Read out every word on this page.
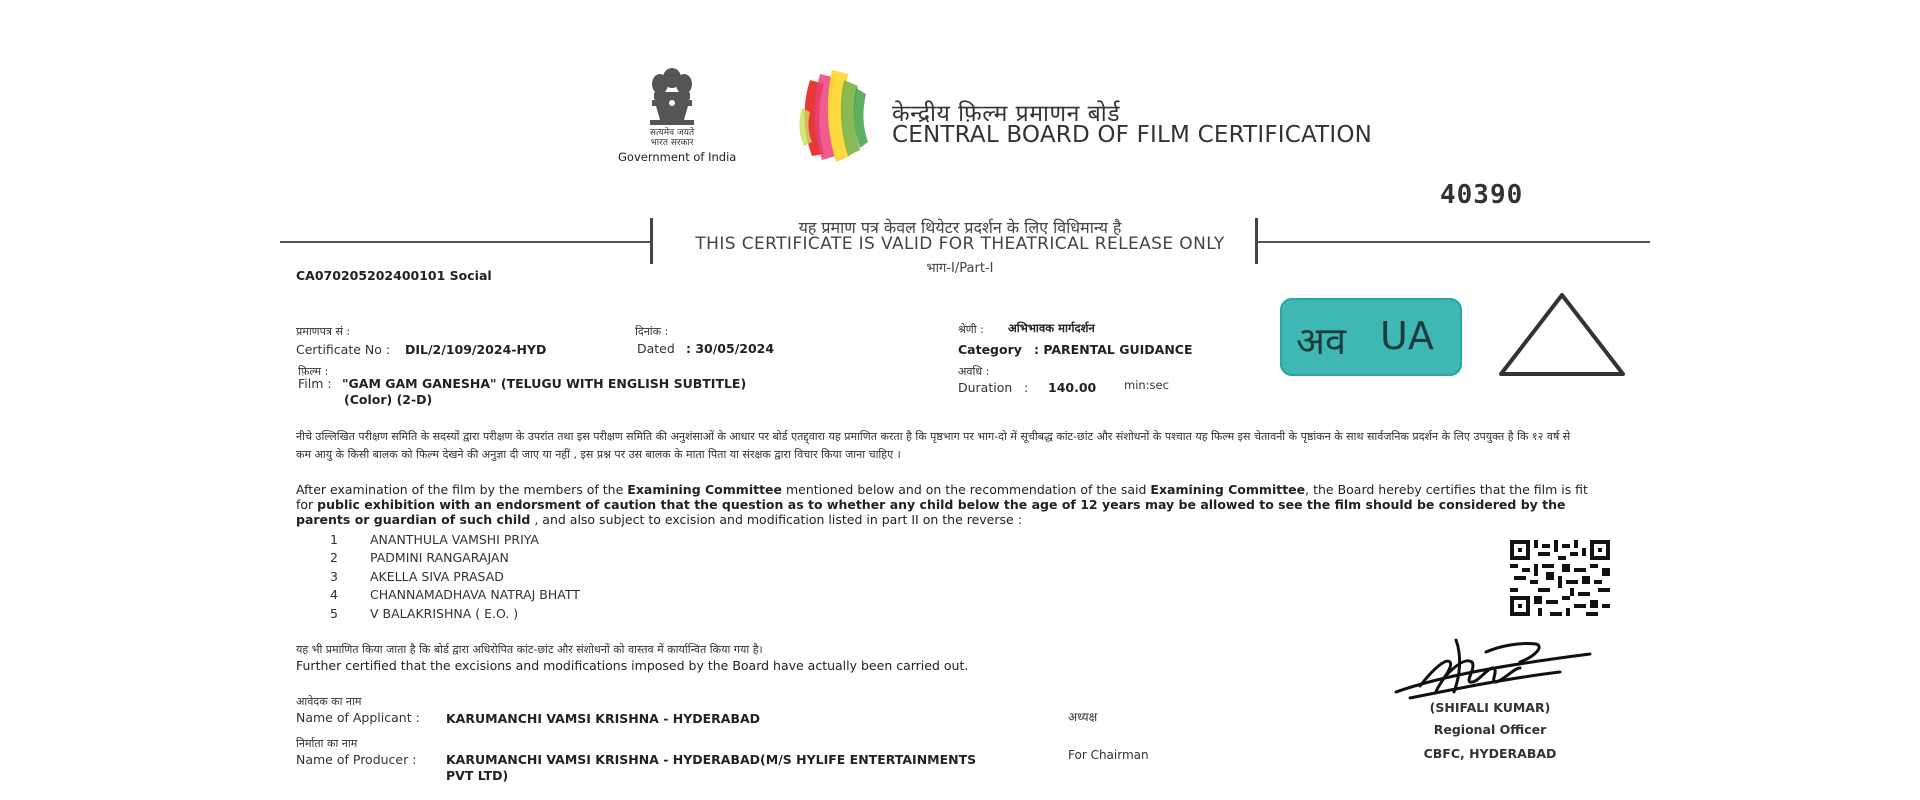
सत्यमेव जयते
भारत सरकार
Government of India
केन्द्रीय फ़िल्म प्रमाणन बोर्ड
CENTRAL BOARD OF FILM CERTIFICATION
40390
यह प्रमाण पत्र केवल थियेटर प्रदर्शन के लिए विधिमान्य है
THIS CERTIFICATE IS VALID FOR THEATRICAL RELEASE ONLY
भाग-I/Part-I
CA070205202400101 Social
प्रमाणपत्र सं :
Certificate No : DIL/2/109/2024-HYD
दिनांक :
Dated : 30/05/2024
श्रेणी : अभिभावक मार्गदर्शन
Category : PARENTAL GUIDANCE
फ़िल्म :
Film : "GAM GAM GANESHA" (TELUGU WITH ENGLISH SUBTITLE)
(Color) (2-D)
अवधि :
Duration : 140.00 min:sec
अव UA
नीचे उल्लिखित परीक्षण समिति के सदस्यों द्वारा परीक्षण के उपरांत तथा इस परीक्षण समिति की अनुशंसाओं के आधार पर बोर्ड एतद्द्वारा यह प्रमाणित करता है कि पृष्ठभाग पर भाग-दो में सूचीबद्ध कांट-छांट और संशोधनों के पश्चात यह फिल्म इस चेतावनी के पृष्ठांकन के साथ सार्वजनिक प्रदर्शन के लिए उपयुक्त है कि १२ वर्ष से कम आयु के किसी बालक को फिल्म देखने की अनुज्ञा दी जाए या नहीं , इस प्रश्न पर उस बालक के माता पिता या संरक्षक द्वारा विचार किया जाना चाहिए ।
After examination of the film by the members of the Examining Committee mentioned below and on the recommendation of the said Examining Committee, the Board hereby certifies that the film is fit for public exhibition with an endorsment of caution that the question as to whether any child below the age of 12 years may be allowed to see the film should be considered by the parents or guardian of such child , and also subject to excision and modification listed in part II on the reverse :
1	ANANTHULA VAMSHI PRIYA
2	PADMINI RANGARAJAN
3	AKELLA SIVA PRASAD
4	CHANNAMADHAVA NATRAJ BHATT
5	V BALAKRISHNA ( E.O. )
यह भी प्रमाणित किया जाता है कि बोर्ड द्वारा अधिरोपित कांट-छांट और संशोधनों को वास्तव में कार्यान्वित किया गया है।
Further certified that the excisions and modifications imposed by the Board have actually been carried out.
आवेदक का नाम
Name of Applicant : KARUMANCHI VAMSI KRISHNA - HYDERABAD
निर्माता का नाम
Name of Producer : KARUMANCHI VAMSI KRISHNA - HYDERABAD(M/S HYLIFE ENTERTAINMENTS
PVT LTD)
अध्यक्ष
For Chairman
(SHIFALI KUMAR)
Regional Officer
CBFC, HYDERABAD
